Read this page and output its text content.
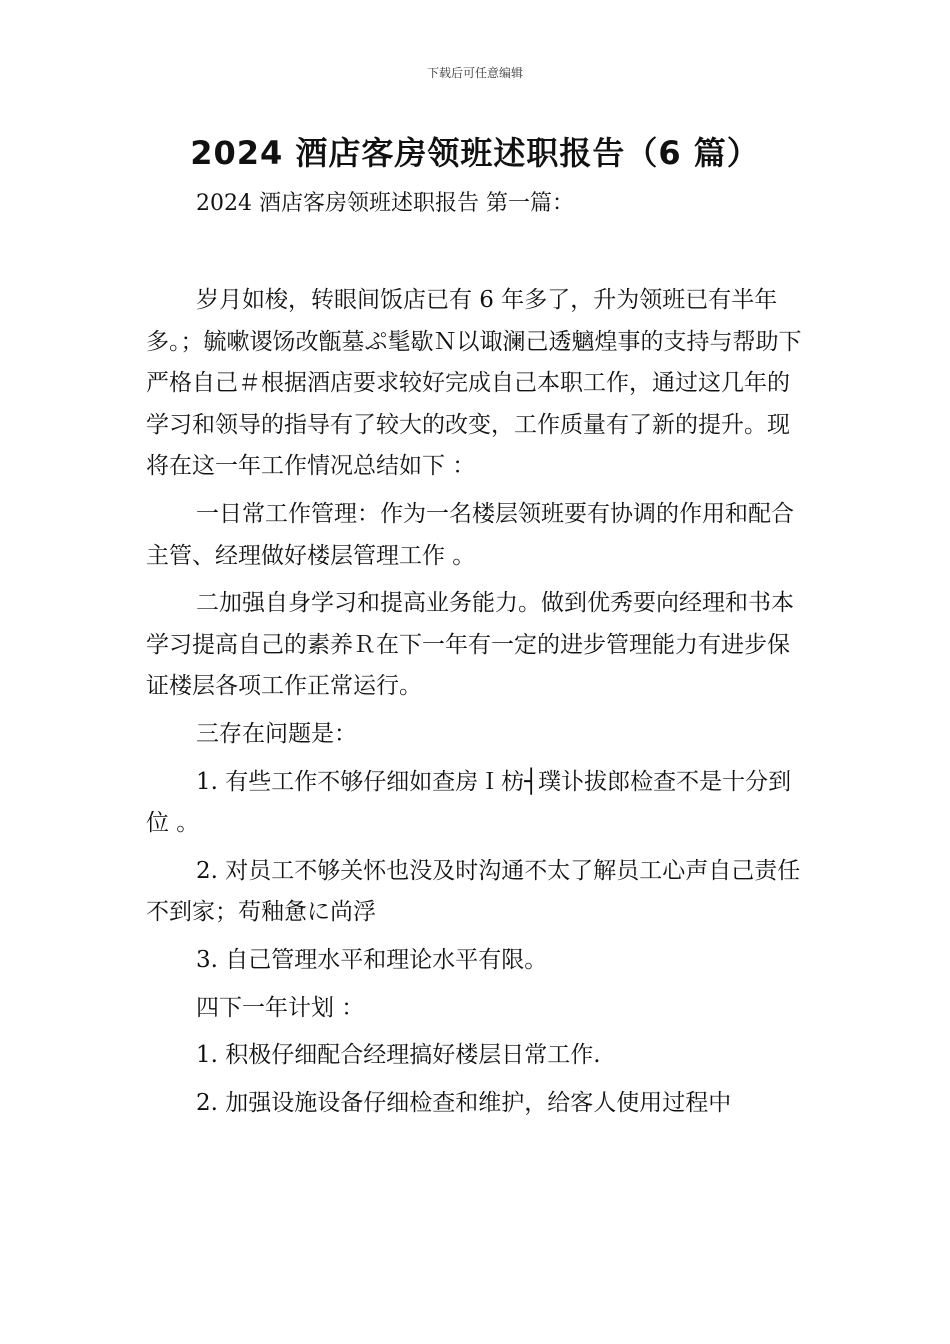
下载后可任意编辑
2024 酒店客房领班述职报告（6 篇）
2024 酒店客房领班述职报告 第一篇：

岁月如梭，转眼间饭店已有 6 年多了，升为领班已有半年多。；毓嗽谡饧改甑墓ぷ髦歇Ｎ以诹澜己透魑煌事的支持与帮助下严格自己＃根据酒店要求较好完成自己本职工作，通过这几年的学习和领导的指导有了较大的改变，工作质量有了新的提升。现将在这一年工作情况总结如下 ：

一日常工作管理：作为一名楼层领班要有协调的作用和配合主管、经理做好楼层管理工作 。

二加强自身学习和提高业务能力。做到优秀要向经理和书本学习提高自己的素养Ｒ在下一年有一定的进步管理能力有进步保证楼层各项工作正常运行。

三存在问题是：

1. 有些工作不够仔细如查房Ｉ枋┤璞讣拔郎检查不是十分到位 。

2. 对员工不够关怀也没及时沟通不太了解员工心声自己责任不到家；苟釉惫に尚浮

3. 自己管理水平和理论水平有限。

四下一年计划 ：

1. 积极仔细配合经理搞好楼层日常工作.

2. 加强设施设备仔细检查和维护，给客人使用过程中
